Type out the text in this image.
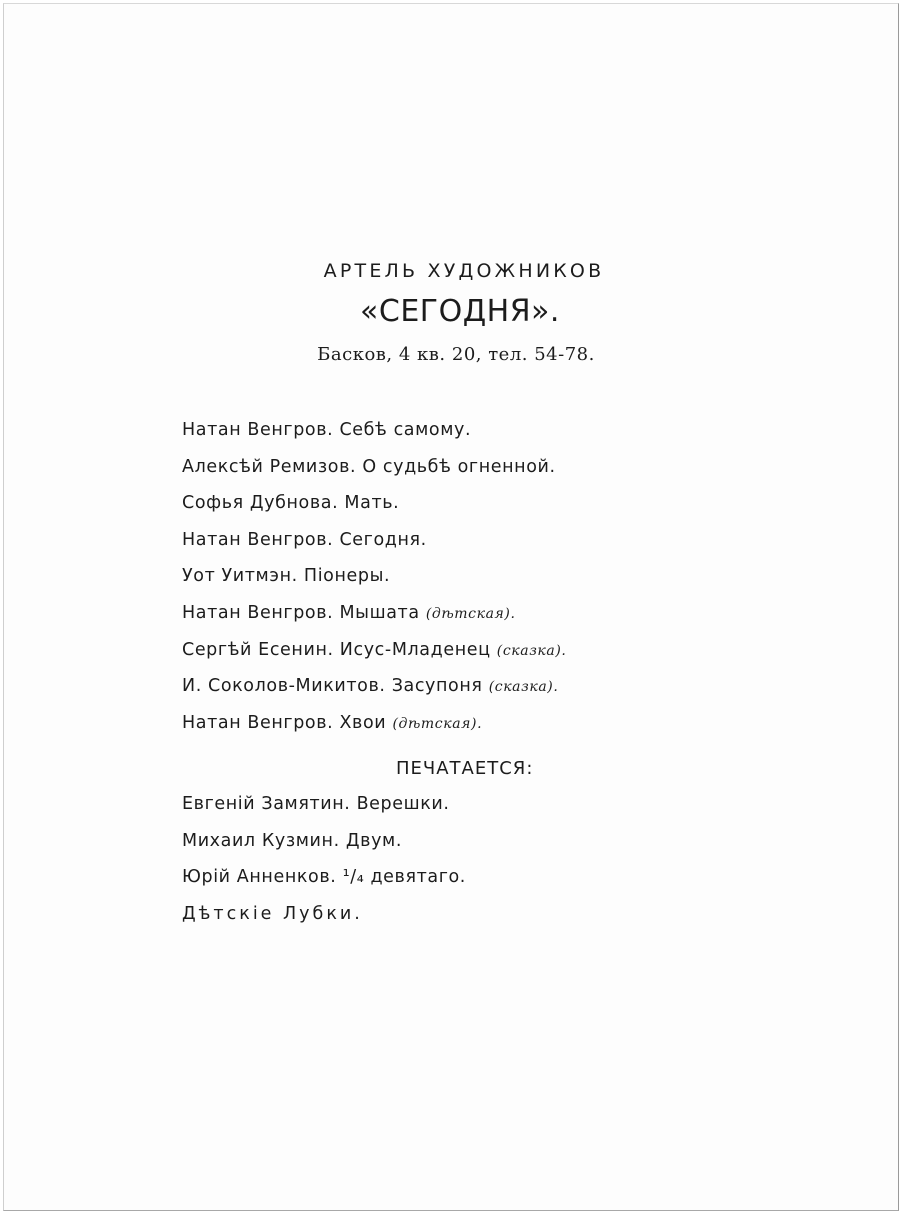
АРТЕЛЬ ХУДОЖНИКОВ
«СЕГОДНЯ».
Басков, 4 кв. 20, тел. 54-78.
Натан Венгров. Себѣ самому.
Алексѣй Ремизов. О судьбѣ огненной.
Софья Дубнова. Мать.
Натан Венгров. Сегодня.
Уот Уитмэн. Піонеры.
Натан Венгров. Мышата (дѣтская).
Сергѣй Есенин. Исус-Младенец (сказка).
И. Соколов-Микитов. Засупоня (сказка).
Натан Венгров. Хвои (дѣтская).
ПЕЧАТАЕТСЯ:
Евгеній Замятин. Верешки.
Михаил Кузмин. Двум.
Юрій Анненков. ¹/₄ девятаго.
Дѣтскіе Лубки.
